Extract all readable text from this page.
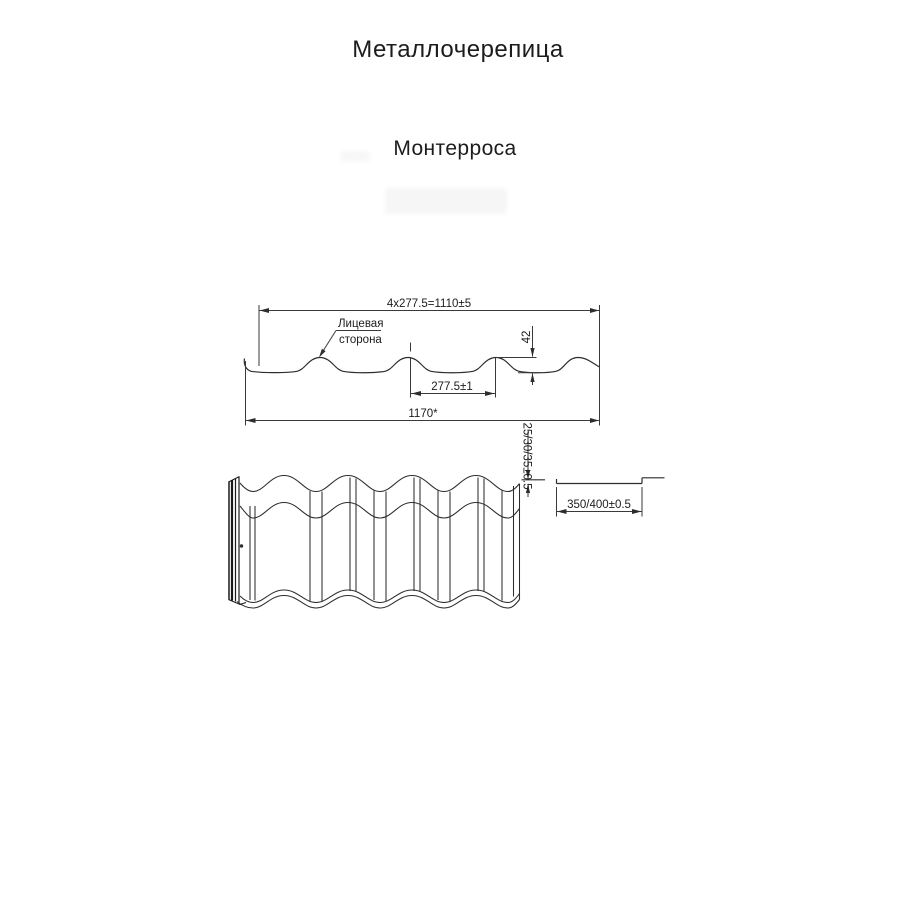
Металлочерепица
Монтерроса
4x277.5=1110±5
Лицевая
сторона
277.5±1
42
1170*
25/30/35±0.5
350/400±0.5
